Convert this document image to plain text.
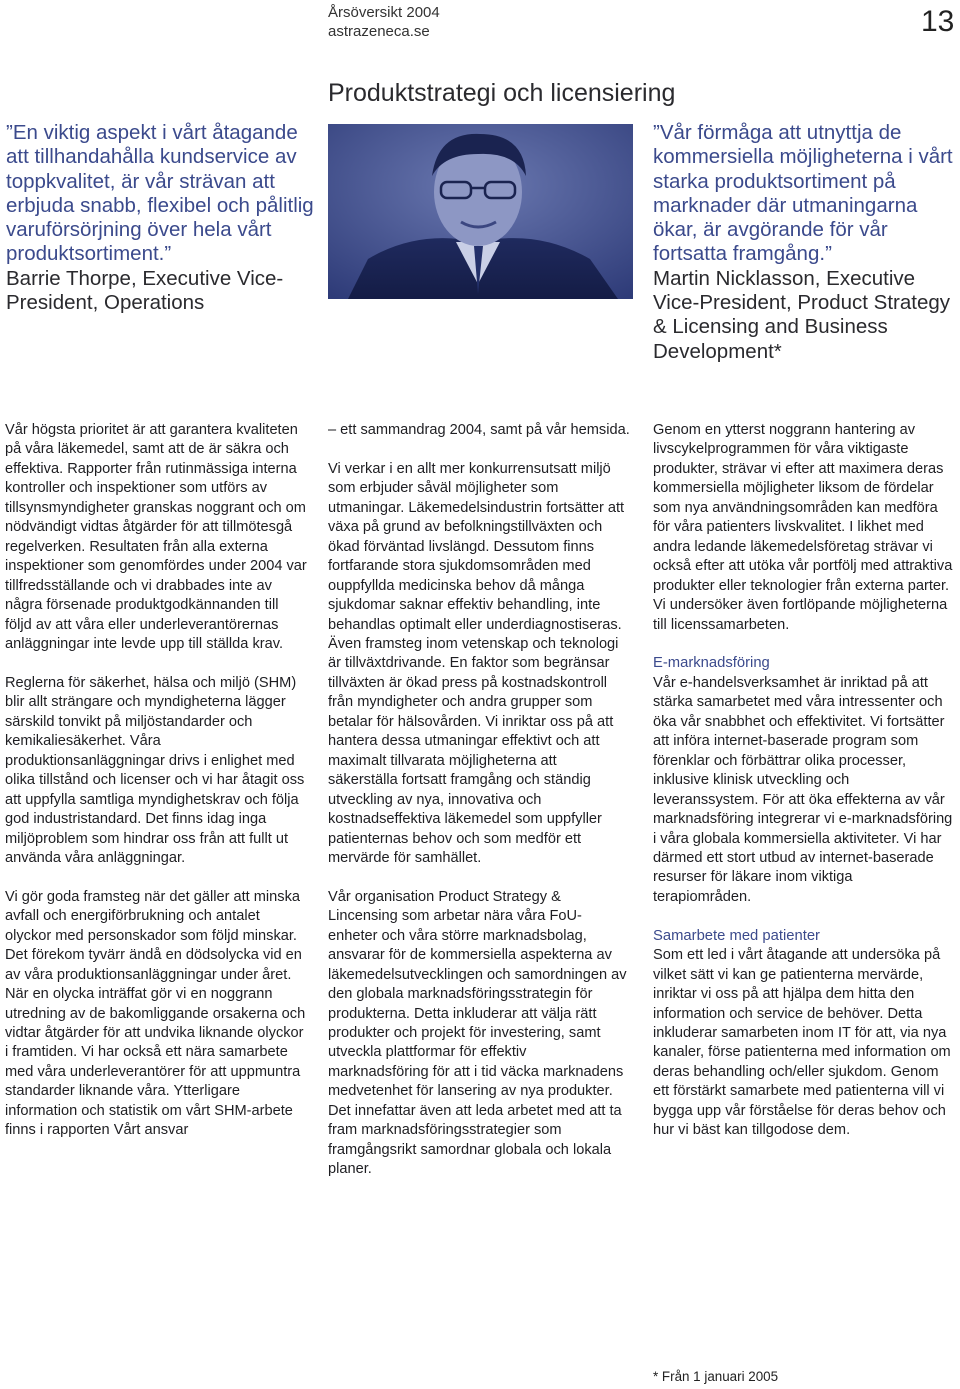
Årsöversikt 2004
astrazeneca.se	13
Produktstrategi och licensiering
”En viktig aspekt i vårt åtagande att tillhandahålla kundservice av toppkvalitet, är vår strävan att erbjuda snabb, flexibel och pålitlig varuförsörjning över hela vårt produktsortiment.”
Barrie Thorpe, Executive Vice-President, Operations
”Vår förmåga att utnyttja de kommersiella möjligheterna i vårt starka produktsortiment på marknader där utmaningarna ökar, är avgörande för vår fortsatta framgång.”
Martin Nicklasson, Executive Vice-President, Product Strategy & Licensing and Business Development*

Vår högsta prioritet är att garantera kvaliteten på våra läkemedel, samt att de är säkra och effektiva. Rapporter från rutinmässiga interna kontroller och inspektioner som utförs av tillsynsmyndigheter granskas noggrant och om nödvändigt vidtas åtgärder för att tillmötesgå regelverken. Resultaten från alla externa inspektioner som genomfördes under 2004 var tillfredsställande och vi drabbades inte av några försenade produktgodkännanden till följd av att våra eller underleverantörernas anläggningar inte levde upp till ställda krav.

Reglerna för säkerhet, hälsa och miljö (SHM) blir allt strängare och myndigheterna lägger särskild tonvikt på miljöstandarder och kemikaliesäkerhet. Våra produktionsanläggningar drivs i enlighet med olika tillstånd och licenser och vi har åtagit oss att uppfylla samtliga myndighetskrav och följa god industristandard. Det finns idag inga miljöproblem som hindrar oss från att fullt ut använda våra anläggningar.

Vi gör goda framsteg när det gäller att minska avfall och energiförbrukning och antalet olyckor med personskador som följd minskar. Det förekom tyvärr ändå en dödsolycka vid en av våra produktionsanläggningar under året. När en olycka inträffat gör vi en noggrann utredning av de bakomliggande orsakerna och vidtar åtgärder för att undvika liknande olyckor i framtiden. Vi har också ett nära samarbete med våra underleverantörer för att uppmuntra standarder liknande våra. Ytterligare information och statistik om vårt SHM-arbete finns i rapporten Vårt ansvar

– ett sammandrag 2004, samt på vår hemsida.

Vi verkar i en allt mer konkurrensutsatt miljö som erbjuder såväl möjligheter som utmaningar. Läkemedelsindustrin fortsätter att växa på grund av befolkningstillväxten och ökad förväntad livslängd. Dessutom finns fortfarande stora sjukdomsområden med ouppfyllda medicinska behov då många sjukdomar saknar effektiv behandling, inte behandlas optimalt eller underdiagnostiseras. Även framsteg inom vetenskap och teknologi är tillväxtdrivande. En faktor som begränsar tillväxten är ökad press på kostnadskontroll från myndigheter och andra grupper som betalar för hälsovården. Vi inriktar oss på att hantera dessa utmaningar effektivt och att maximalt tillvarata möjligheterna att säkerställa fortsatt framgång och ständig utveckling av nya, innovativa och kostnadseffektiva läkemedel som uppfyller patienternas behov och som medför ett mervärde för samhället.

Vår organisation Product Strategy & Lincensing som arbetar nära våra FoU-enheter och våra större marknadsbolag, ansvarar för de kommersiella aspekterna av läkemedelsutvecklingen och samordningen av den globala marknadsföringsstrategin för produkterna. Detta inkluderar att välja rätt produkter och projekt för investering, samt utveckla plattformar för effektiv marknadsföring för att i tid väcka marknadens medvetenhet för lansering av nya produkter. Det innefattar även att leda arbetet med att ta fram marknadsföringsstrategier som framgångsrikt samordnar globala och lokala planer.

Genom en ytterst noggrann hantering av livscykelprogrammen för våra viktigaste produkter, strävar vi efter att maximera deras kommersiella möjligheter liksom de fördelar som nya användningsområden kan medföra för våra patienters livskvalitet. I likhet med andra ledande läkemedelsföretag strävar vi också efter att utöka vår portfölj med attraktiva produkter eller teknologier från externa parter. Vi undersöker även fortlöpande möjligheterna till licenssamarbeten.

E-marknadsföring

Vår e-handelsverksamhet är inriktad på att stärka samarbetet med våra intressenter och öka vår snabbhet och effektivitet. Vi fortsätter att införa internet-baserade program som förenklar och förbättrar olika processer, inklusive klinisk utveckling och leveranssystem. För att öka effekterna av vår marknadsföring integrerar vi e-marknadsföring i våra globala kommersiella aktiviteter. Vi har därmed ett stort utbud av internet-baserade resurser för läkare inom viktiga terapiområden.

Samarbete med patienter

Som ett led i vårt åtagande att undersöka på vilket sätt vi kan ge patienterna mervärde, inriktar vi oss på att hjälpa dem hitta den information och service de behöver. Detta inkluderar samarbeten inom IT för att, via nya kanaler, förse patienterna med information om deras behandling och/eller sjukdom. Genom ett förstärkt samarbete med patienterna vill vi bygga upp vår förståelse för deras behov och hur vi bäst kan tillgodose dem.

* Från 1 januari 2005
